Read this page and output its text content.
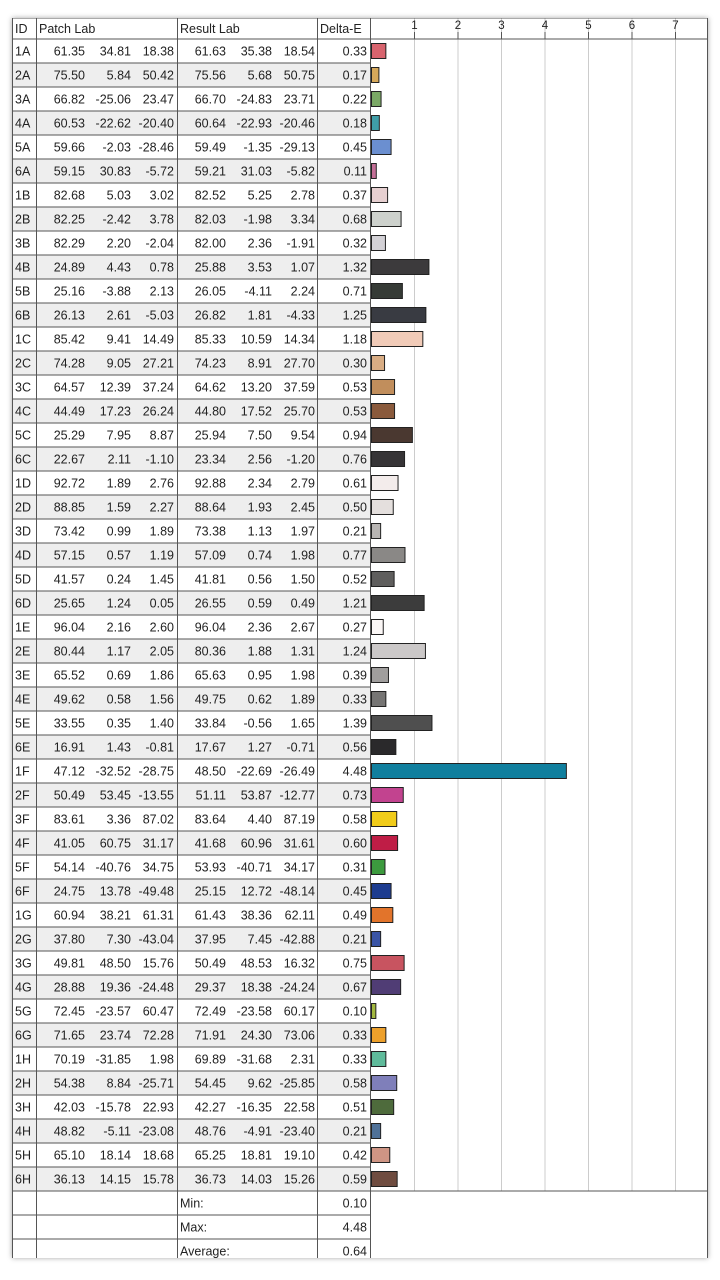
1	2	3	4	5	6	7
ID Patch Lab	Result Lab	Delta-E
1A 61.35 34.81 18.38 61.63 35.38 18.54 0.33
2A 75.50 5.84 50.42 75.56 5.68 50.75 0.17
3A 66.82 -25.06 23.47 66.70 -24.83 23.71 0.22
4A 60.53 -22.62 -20.40 60.64 -22.93 -20.46 0.18
5A 59.66 -2.03 -28.46 59.49 -1.35 -29.13 0.45
6A 59.15 30.83 -5.72 59.21 31.03 -5.82 0.11
1B 82.68 5.03 3.02 82.52 5.25 2.78 0.37
2B 82.25 -2.42 3.78 82.03 -1.98 3.34 0.68
3B 82.29 2.20 -2.04 82.00 2.36 -1.91 0.32
4B 24.89 4.43 0.78 25.88 3.53 1.07 1.32
5B 25.16 -3.88 2.13 26.05 -4.11 2.24 0.71
6B 26.13 2.61 -5.03 26.82 1.81 -4.33 1.25
1C 85.42 9.41 14.49 85.33 10.59 14.34 1.18
2C 74.28 9.05 27.21 74.23 8.91 27.70 0.30
3C 64.57 12.39 37.24 64.62 13.20 37.59 0.53
4C 44.49 17.23 26.24 44.80 17.52 25.70 0.53
5C 25.29 7.95 8.87 25.94 7.50 9.54 0.94
6C 22.67 2.11 -1.10 23.34 2.56 -1.20 0.76
1D 92.72 1.89 2.76 92.88 2.34 2.79 0.61
2D 88.85 1.59 2.27 88.64 1.93 2.45 0.50
3D 73.42 0.99 1.89 73.38 1.13 1.97 0.21
4D 57.15 0.57 1.19 57.09 0.74 1.98 0.77
5D 41.57 0.24 1.45 41.81 0.56 1.50 0.52
6D 25.65 1.24 0.05 26.55 0.59 0.49 1.21
1E 96.04 2.16 2.60 96.04 2.36 2.67 0.27
2E 80.44 1.17 2.05 80.36 1.88 1.31 1.24
3E 65.52 0.69 1.86 65.63 0.95 1.98 0.39
4E 49.62 0.58 1.56 49.75 0.62 1.89 0.33
5E 33.55 0.35 1.40 33.84 -0.56 1.65 1.39
6E 16.91 1.43 -0.81 17.67 1.27 -0.71 0.56
1F 47.12 -32.52 -28.75 48.50 -22.69 -26.49 4.48
2F 50.49 53.45 -13.55 51.11 53.87 -12.77 0.73
3F 83.61 3.36 87.02 83.64 4.40 87.19 0.58
4F 41.05 60.75 31.17 41.68 60.96 31.61 0.60
5F 54.14 -40.76 34.75 53.93 -40.71 34.17 0.31
6F 24.75 13.78 -49.48 25.15 12.72 -48.14 0.45
1G 60.94 38.21 61.31 61.43 38.36 62.11 0.49
2G 37.80 7.30 -43.04 37.95 7.45 -42.88 0.21
3G 49.81 48.50 15.76 50.49 48.53 16.32 0.75
4G 28.88 19.36 -24.48 29.37 18.38 -24.24 0.67
5G 72.45 -23.57 60.47 72.49 -23.58 60.17 0.10
6G 71.65 23.74 72.28 71.91 24.30 73.06 0.33
1H 70.19 -31.85 1.98 69.89 -31.68 2.31 0.33
2H 54.38 8.84 -25.71 54.45 9.62 -25.85 0.58
3H 42.03 -15.78 22.93 42.27 -16.35 22.58 0.51
4H 48.82 -5.11 -23.08 48.76 -4.91 -23.40 0.21
5H 65.10 18.14 18.68 65.25 18.81 19.10 0.42
6H 36.13 14.15 15.78 36.73 14.03 15.26 0.59
Min:	0.10
Max:	4.48
Average:	0.64
